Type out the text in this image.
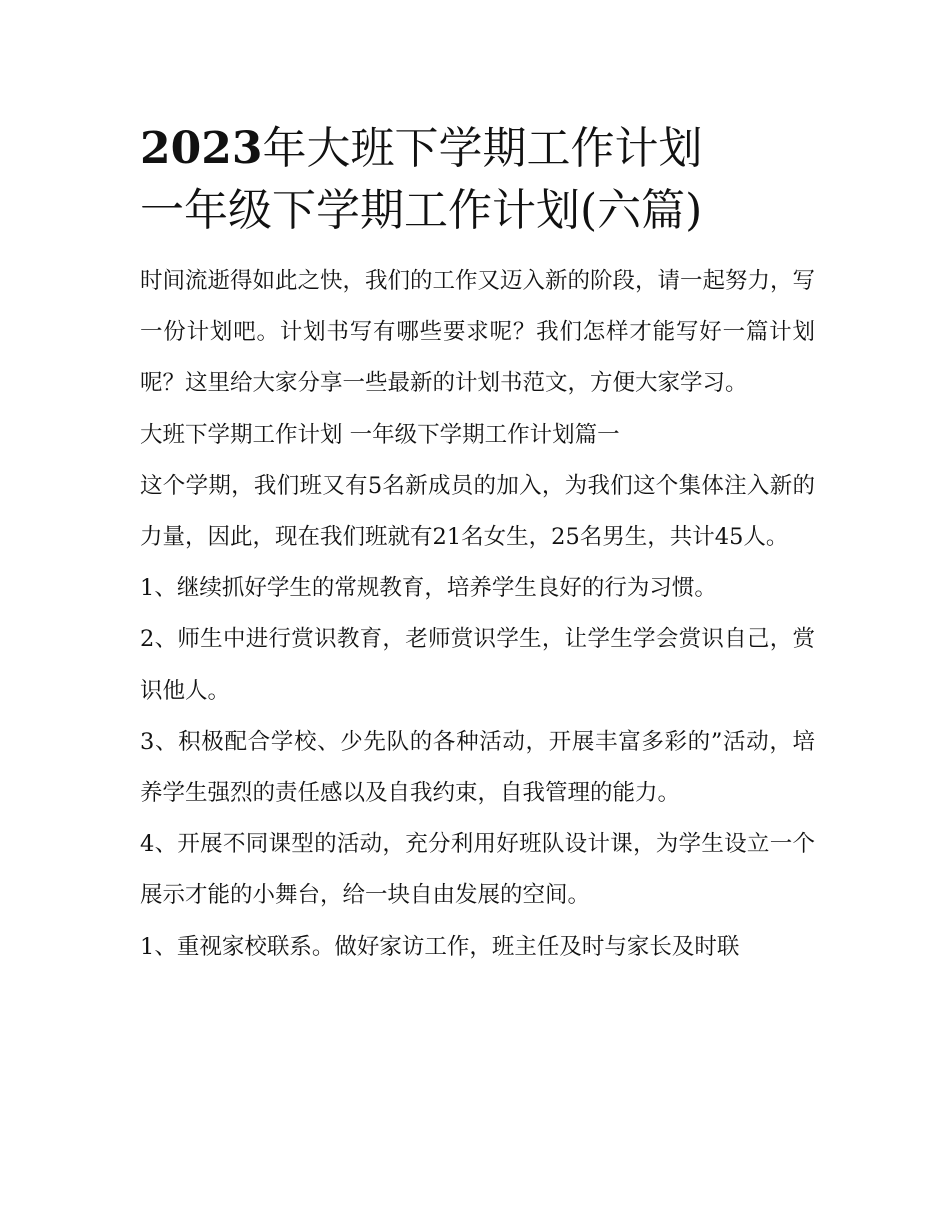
2023年大班下学期工作计划
一年级下学期工作计划(六篇)

时间流逝得如此之快，我们的工作又迈入新的阶段，请一起努力，写一份计划吧。计划书写有哪些要求呢？我们怎样才能写好一篇计划呢？这里给大家分享一些最新的计划书范文，方便大家学习。

大班下学期工作计划 一年级下学期工作计划篇一

这个学期，我们班又有5名新成员的加入，为我们这个集体注入新的力量，因此，现在我们班就有21名女生，25名男生，共计45人。

1、继续抓好学生的常规教育，培养学生良好的行为习惯。

2、师生中进行赏识教育，老师赏识学生，让学生学会赏识自己，赏识他人。

3、积极配合学校、少先队的各种活动，开展丰富多彩的”活动，培养学生强烈的责任感以及自我约束，自我管理的能力。

4、开展不同课型的活动，充分利用好班队设计课，为学生设立一个展示才能的小舞台，给一块自由发展的空间。

1、重视家校联系。做好家访工作，班主任及时与家长及时联
